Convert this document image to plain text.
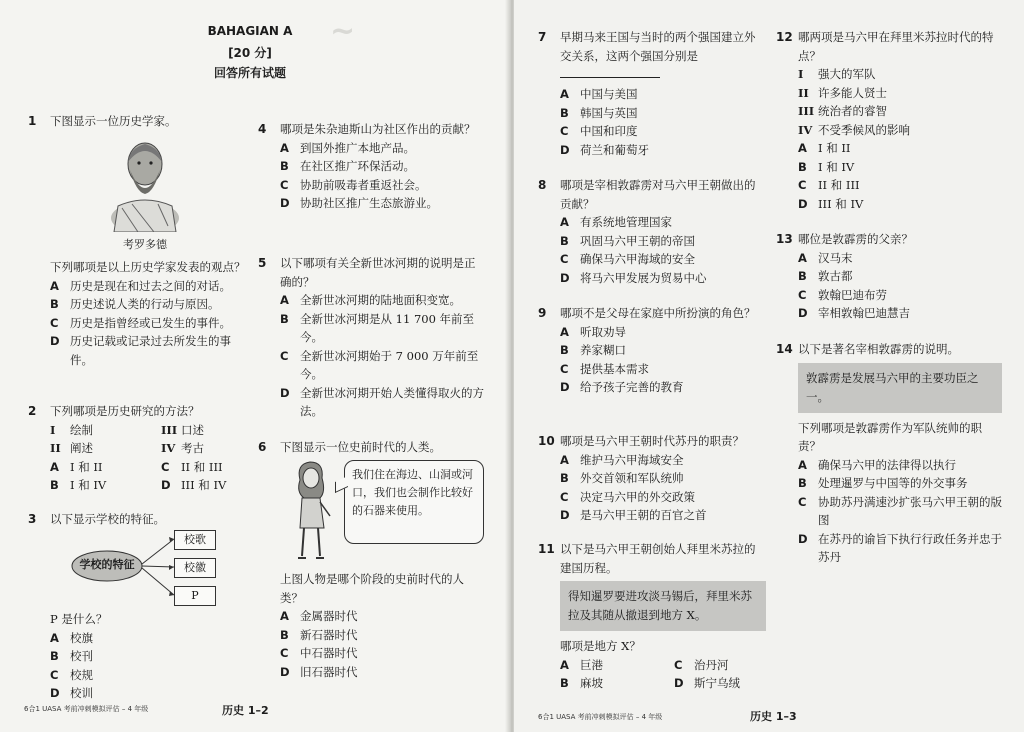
~
BAHAGIAN A
[20 分]
回答所有试题
1 下图显示一位历史学家。
考罗多德
下列哪项是以上历史学家发表的观点？
A 历史是现在和过去之间的对话。
B 历史述说人类的行动与原因。
C 历史是指曾经或已发生的事件。
D 历史记载或记录过去所发生的事件。
2 下列哪项是历史研究的方法？
I 绘制	III 口述
II 阐述	IV 考古
A I 和 II	C II 和 III
B I 和 IV	D III 和 IV
3 以下显示学校的特征。
学校的特征
校歌
校徽
P
P 是什么？
A 校旗
B 校刊
C 校规
D 校训
4 哪项是朱杂迪斯山为社区作出的贡献？
A 到国外推广本地产品。
B 在社区推广环保活动。
C 协助前吸毒者重返社会。
D 协助社区推广生态旅游业。
5 以下哪项有关全新世冰河期的说明是正确的？
A 全新世冰河期的陆地面积变宽。
B 全新世冰河期是从 11 700 年前至今。
C 全新世冰河期始于 7 000 万年前至今。
D 全新世冰河期开始人类懂得取火的方法。
6 下图显示一位史前时代的人类。
我们住在海边、山洞或河口，我们也会制作比较好的石器来使用。
上图人物是哪个阶段的史前时代的人类？
A 金属器时代
B 新石器时代
C 中石器时代
D 旧石器时代
6合1 UASA 考前冲刺模拟评估 – 4 年级	历史 1–2
7 早期马来王国与当时的两个强国建立外交关系，这两个强国分别是
A 中国与美国
B 韩国与英国
C 中国和印度
D 荷兰和葡萄牙
8 哪项是宰相敦霹雳对马六甲王朝做出的贡献？
A 有系统地管理国家
B 巩固马六甲王朝的帝国
C 确保马六甲海域的安全
D 将马六甲发展为贸易中心
9 哪项不是父母在家庭中所扮演的角色？
A 听取劝导
B 养家糊口
C 提供基本需求
D 给予孩子完善的教育
10 哪项是马六甲王朝时代苏丹的职责？
A 维护马六甲海域安全
B 外交首领和军队统帅
C 决定马六甲的外交政策
D 是马六甲王朝的百官之首
11 以下是马六甲王朝创始人拜里米苏拉的建国历程。
得知暹罗要进攻淡马锡后，拜里米苏拉及其随从撤退到地方 X。
哪项是地方 X？
A 巨港	C 治丹河
B 麻坡	D 斯宁乌绒
12 哪两项是马六甲在拜里米苏拉时代的特点？
I 强大的军队
II 许多能人贤士
III 统治者的睿智
IV 不受季候风的影响
A I 和 II
B I 和 IV
C II 和 III
D III 和 IV
13 哪位是敦霹雳的父亲？
A 汉马末
B 敦古都
C 敦翰巴迪布劳
D 宰相敦翰巴迪慧吉
14 以下是著名宰相敦霹雳的说明。
敦霹雳是发展马六甲的主要功臣之一。
下列哪项是敦霹雳作为军队统帅的职责？
A 确保马六甲的法律得以执行
B 处理暹罗与中国等的外交事务
C 协助苏丹满速沙扩张马六甲王朝的版图
D 在苏丹的谕旨下执行行政任务并忠于苏丹
6合1 UASA 考前冲刺模拟评估 – 4 年级	历史 1–3
